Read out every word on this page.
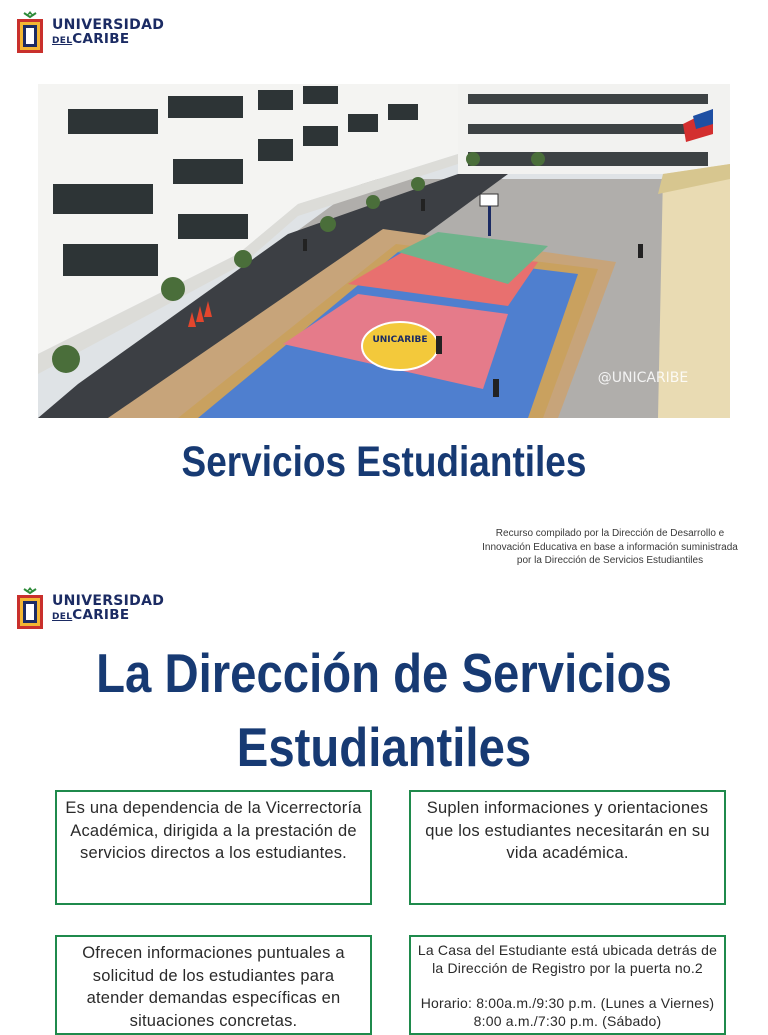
UNIVERSIDAD
DELCARIBE
UNICARIBE
@UNICARIBE
Servicios Estudiantiles

Recurso compilado por la Dirección de Desarrollo e
Innovación Educativa en base a información suministrada
por la Dirección de Servicios Estudiantiles

UNIVERSIDAD
DELCARIBE
La Dirección de Servicios
Estudiantiles

Es una dependencia de la Vicerrectoría Académica, dirigida a la prestación de servicios directos a los estudiantes.

Suplen informaciones y orientaciones que los estudiantes necesitarán en su vida académica.

Ofrecen informaciones puntuales a solicitud de los estudiantes para atender demandas específicas en situaciones concretas.

La Casa del Estudiante está ubicada detrás de la Dirección de Registro por la puerta no.2

Horario: 8:00a.m./9:30 p.m. (Lunes a Viernes)

8:00 a.m./7:30 p.m. (Sábado)
